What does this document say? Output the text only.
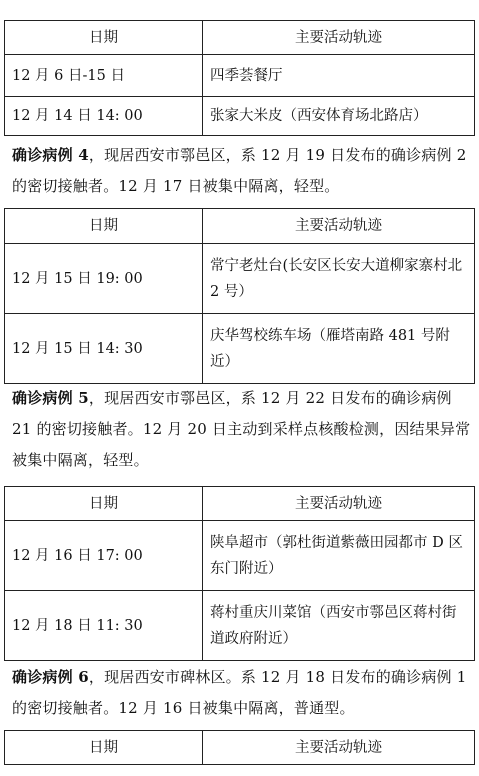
日期	主要活动轨迹
12 月 6 日-15 日	四季荟餐厅
12 月 14 日 14: 00	张家大米皮（西安体育场北路店）
确诊病例 4，现居西安市鄠邑区，系 12 月 19 日发布的确诊病例 2 的密切接触者。12 月 17 日被集中隔离，轻型。
日期	主要活动轨迹
12 月 15 日 19: 00	常宁老灶台(长安区长安大道柳家寨村北 2 号）
12 月 15 日 14: 30	庆华驾校练车场（雁塔南路 481 号附近）
确诊病例 5，现居西安市鄠邑区，系 12 月 22 日发布的确诊病例 21 的密切接触者。12 月 20 日主动到采样点核酸检测，因结果异常被集中隔离，轻型。
日期	主要活动轨迹
12 月 16 日 17: 00	陕阜超市（郭杜街道紫薇田园都市 D 区东门附近）
12 月 18 日 11: 30	蒋村重庆川菜馆（西安市鄠邑区蒋村街道政府附近）
确诊病例 6，现居西安市碑林区。系 12 月 18 日发布的确诊病例 1 的密切接触者。12 月 16 日被集中隔离，普通型。
日期	主要活动轨迹
